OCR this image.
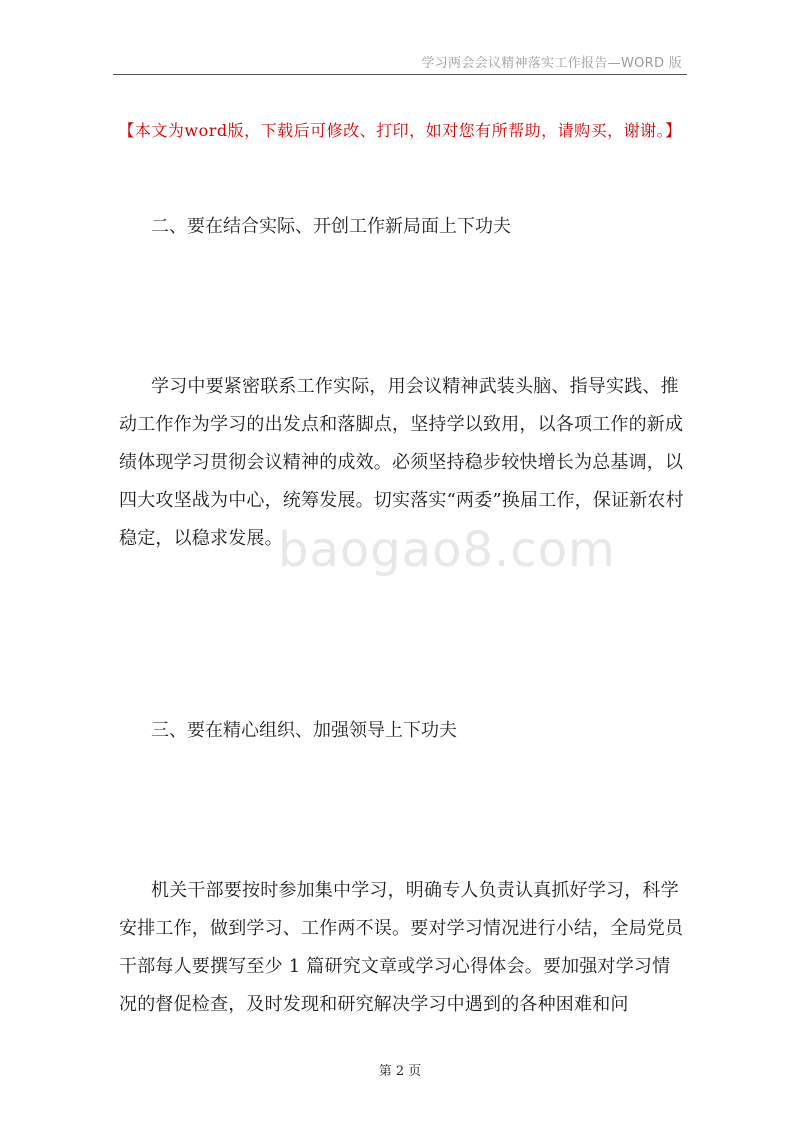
学习两会会议精神落实工作报告—WORD 版
【本文为word版，下载后可修改、打印，如对您有所帮助，请购买，谢谢。】
二、要在结合实际、开创工作新局面上下功夫

学习中要紧密联系工作实际，用会议精神武装头脑、指导实践、推动工作作为学习的出发点和落脚点，坚持学以致用，以各项工作的新成绩体现学习贯彻会议精神的成效。必须坚持稳步较快增长为总基调，以四大攻坚战为中心，统筹发展。切实落实“两委”换届工作，保证新农村稳定，以稳求发展。

baogao8.com
三、要在精心组织、加强领导上下功夫

机关干部要按时参加集中学习，明确专人负责认真抓好学习，科学安排工作，做到学习、工作两不误。要对学习情况进行小结，全局党员干部每人要撰写至少 1 篇研究文章或学习心得体会。要加强对学习情况的督促检查，及时发现和研究解决学习中遇到的各种困难和问

第 2 页
